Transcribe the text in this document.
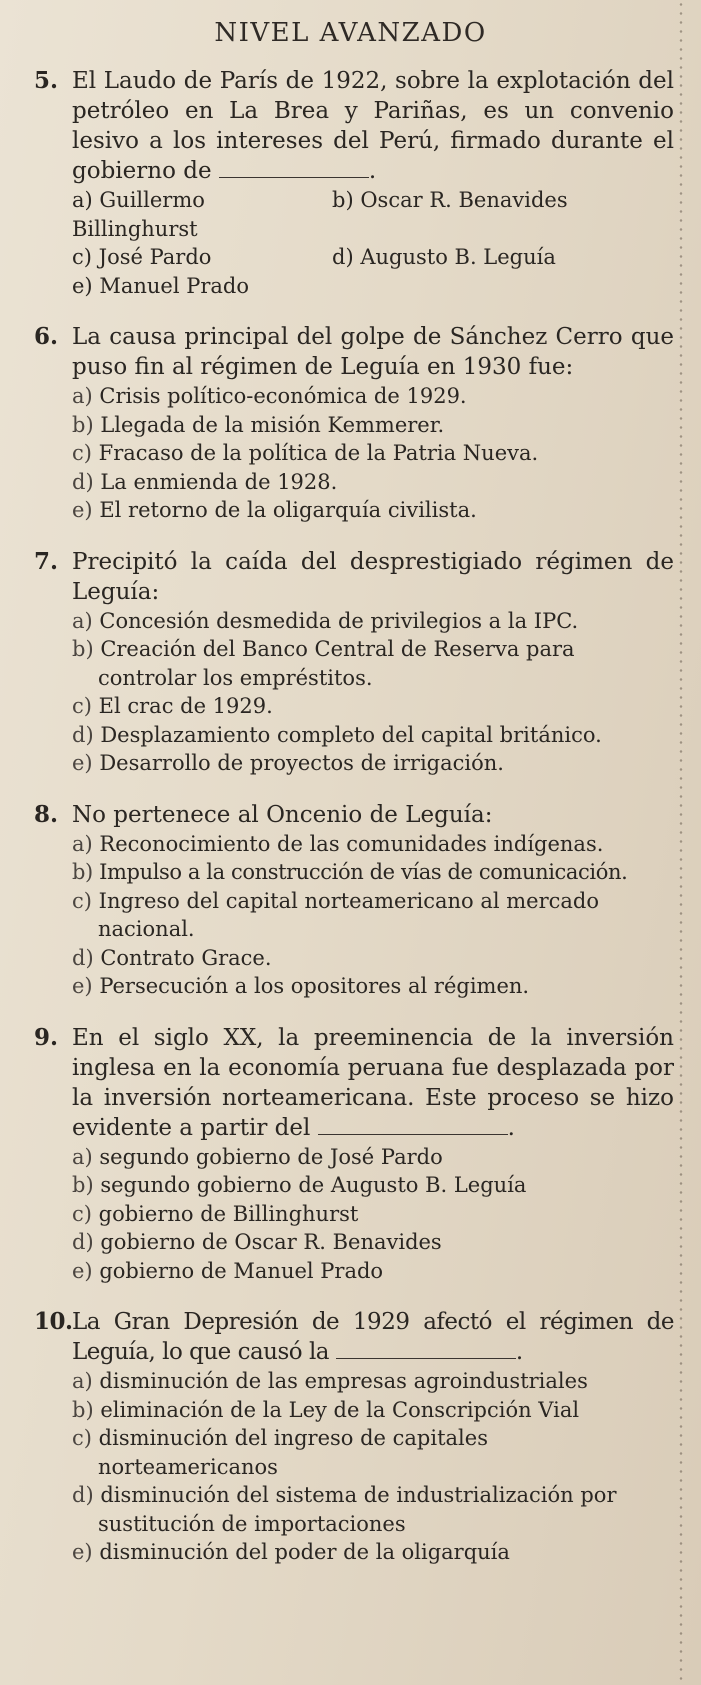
NIVEL AVANZADO
5. El Laudo de París de 1922, sobre la explotación del petróleo en La Brea y Pariñas, es un convenio lesivo a los intereses del Perú, firmado durante el gobierno de	.
a) Guillermo Billinghurst
b) Oscar R. Benavides
c) José Pardo	d) Augusto B. Leguía
e) Manuel Prado
6. La causa principal del golpe de Sánchez Cerro que puso fin al régimen de Leguía en 1930 fue:
a) Crisis político-económica de 1929.
b) Llegada de la misión Kemmerer.
c) Fracaso de la política de la Patria Nueva.
d) La enmienda de 1928.
e) El retorno de la oligarquía civilista.
7. Precipitó la caída del desprestigiado régimen de Leguía:
a) Concesión desmedida de privilegios a la IPC.
b) Creación del Banco Central de Reserva para controlar los empréstitos.
c) El crac de 1929.
d) Desplazamiento completo del capital británico.
e) Desarrollo de proyectos de irrigación.
8. No pertenece al Oncenio de Leguía:
a) Reconocimiento de las comunidades indígenas.
b) Impulso a la construcción de vías de comunicación.
c) Ingreso del capital norteamericano al mercado nacional.
d) Contrato Grace.
e) Persecución a los opositores al régimen.
9. En el siglo XX, la preeminencia de la inversión inglesa en la economía peruana fue desplazada por la inversión norteamericana. Este proceso se hizo evidente a partir del	.
a) segundo gobierno de José Pardo
b) segundo gobierno de Augusto B. Leguía
c) gobierno de Billinghurst
d) gobierno de Oscar R. Benavides
e) gobierno de Manuel Prado
10.La Gran Depresión de 1929 afectó el régimen de Leguía, lo que causó la	.
a) disminución de las empresas agroindustriales
b) eliminación de la Ley de la Conscripción Vial
c) disminución del ingreso de capitales norteamericanos
d) disminución del sistema de industrialización por sustitución de importaciones
e) disminución del poder de la oligarquía
